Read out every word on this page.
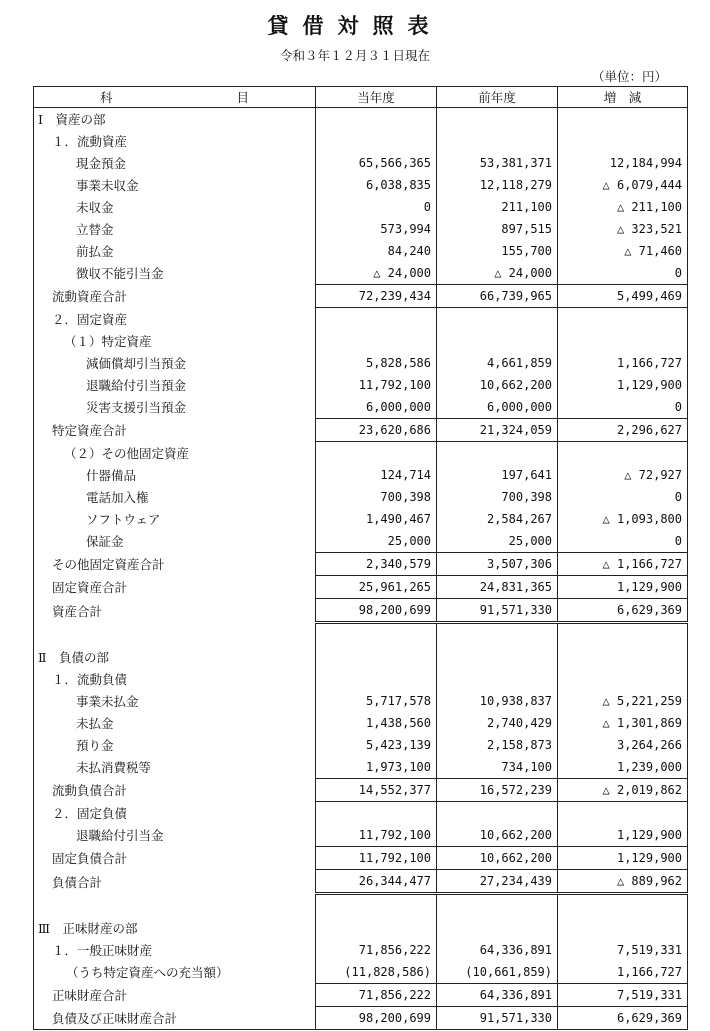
貸借対照表
令和３年１２月３１日現在
（単位：円）
科 目	当年度	前年度	増　減
Ⅰ　資産の部			
１．流動資産			
現金預金	65,566,365	53,381,371	12,184,994
事業未収金	6,038,835	12,118,279	△ 6,079,444
未収金	0	211,100	△ 211,100
立替金	573,994	897,515	△ 323,521
前払金	84,240	155,700	△ 71,460
徴収不能引当金	△ 24,000	△ 24,000	0
流動資産合計	72,239,434	66,739,965	5,499,469
２．固定資産			
（１）特定資産			
減価償却引当預金	5,828,586	4,661,859	1,166,727
退職給付引当預金	11,792,100	10,662,200	1,129,900
災害支援引当預金	6,000,000	6,000,000	0
特定資産合計	23,620,686	21,324,059	2,296,627
（２）その他固定資産			
什器備品	124,714	197,641	△ 72,927
電話加入権	700,398	700,398	0
ソフトウェア	1,490,467	2,584,267	△ 1,093,800
保証金	25,000	25,000	0
その他固定資産合計	2,340,579	3,507,306	△ 1,166,727
固定資産合計	25,961,265	24,831,365	1,129,900
資産合計	98,200,699	91,571,330	6,629,369

Ⅱ　負債の部			
１．流動負債			
事業未払金	5,717,578	10,938,837	△ 5,221,259
未払金	1,438,560	2,740,429	△ 1,301,869
預り金	5,423,139	2,158,873	3,264,266
未払消費税等	1,973,100	734,100	1,239,000
流動負債合計	14,552,377	16,572,239	△ 2,019,862
２．固定負債			
退職給付引当金	11,792,100	10,662,200	1,129,900
固定負債合計	11,792,100	10,662,200	1,129,900
負債合計	26,344,477	27,234,439	△ 889,962

Ⅲ　正味財産の部			
１．一般正味財産	71,856,222	64,336,891	7,519,331
（うち特定資産への充当額）	(11,828,586)	(10,661,859)	1,166,727
正味財産合計	71,856,222	64,336,891	7,519,331
負債及び正味財産合計	98,200,699	91,571,330	6,629,369
